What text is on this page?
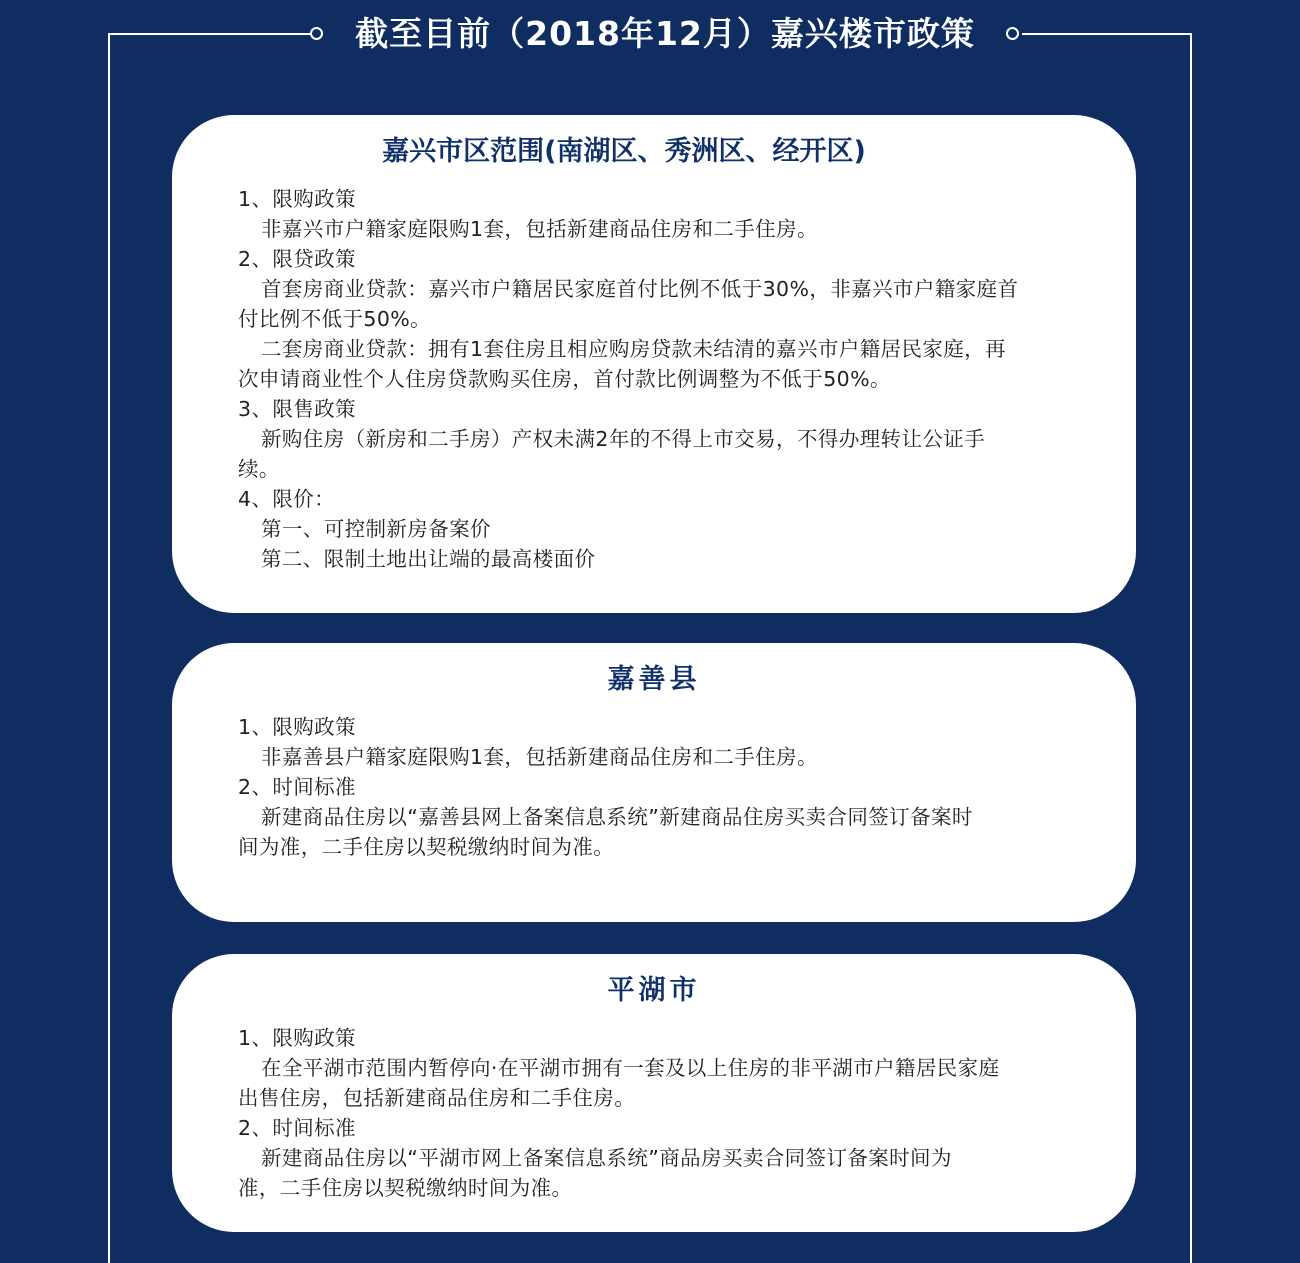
截至目前（2018年12月）嘉兴楼市政策
嘉兴市区范围(南湖区、秀洲区、经开区)
1、限购政策
非嘉兴市户籍家庭限购1套，包括新建商品住房和二手住房。
2、限贷政策
首套房商业贷款：嘉兴市户籍居民家庭首付比例不低于30%，非嘉兴市户籍家庭首
付比例不低于50%。
二套房商业贷款：拥有1套住房且相应购房贷款未结清的嘉兴市户籍居民家庭，再
次申请商业性个人住房贷款购买住房，首付款比例调整为不低于50%。
3、限售政策
新购住房（新房和二手房）产权未满2年的不得上市交易，不得办理转让公证手
续。
4、限价：
第一、可控制新房备案价
第二、限制土地出让端的最高楼面价
嘉善县
1、限购政策
非嘉善县户籍家庭限购1套，包括新建商品住房和二手住房。
2、时间标准
新建商品住房以“嘉善县网上备案信息系统”新建商品住房买卖合同签订备案时
间为准，二手住房以契税缴纳时间为准。
平湖市
1、限购政策
在全平湖市范围内暂停向·在平湖市拥有一套及以上住房的非平湖市户籍居民家庭
出售住房，包括新建商品住房和二手住房。
2、时间标准
新建商品住房以“平湖市网上备案信息系统”商品房买卖合同签订备案时间为
准，二手住房以契税缴纳时间为准。
